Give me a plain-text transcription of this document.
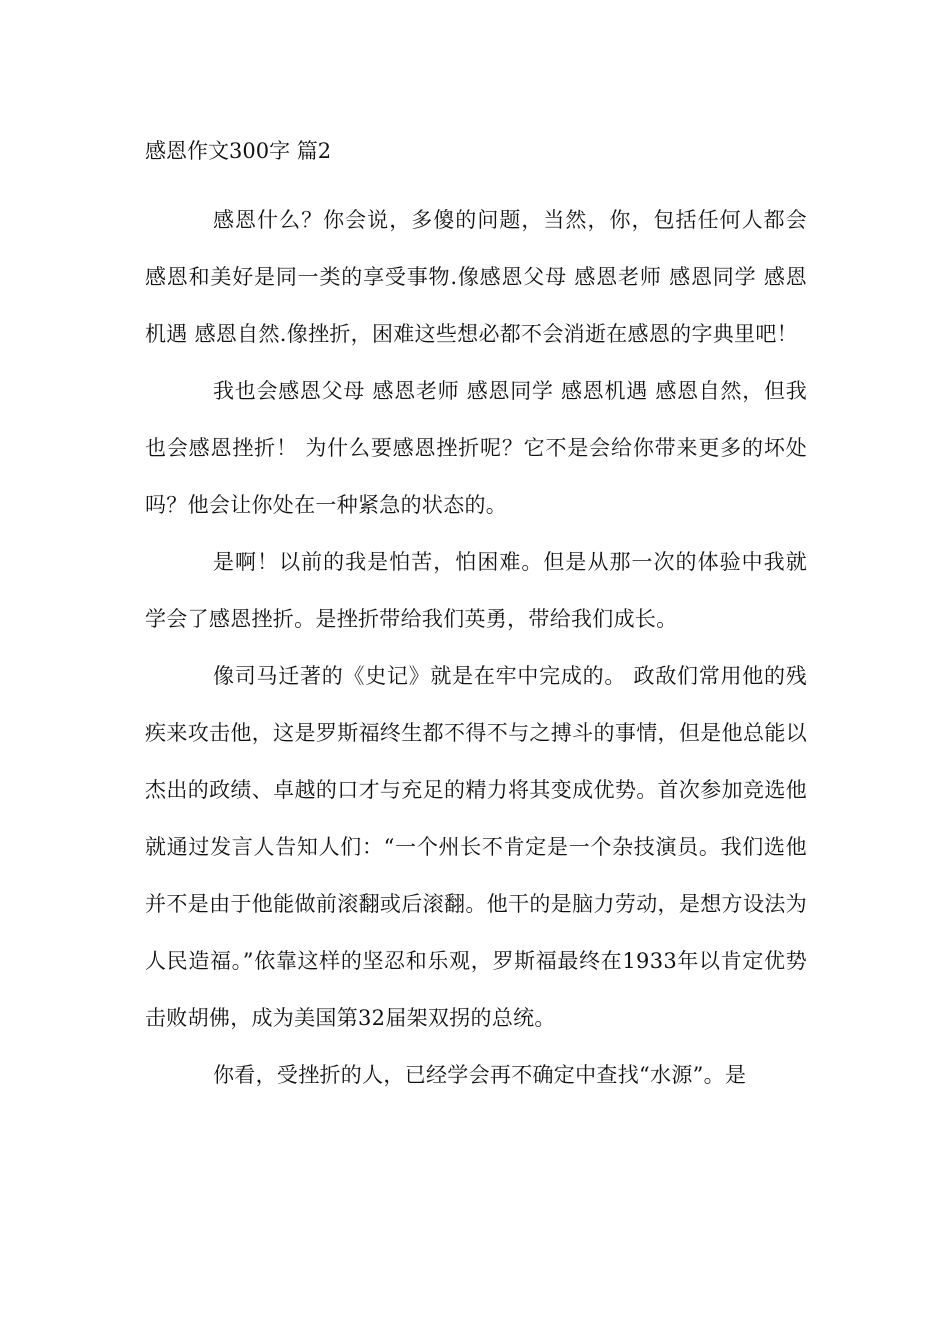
感恩作文300字 篇2

感恩什么？你会说，多傻的问题，当然，你，包括任何人都会感恩和美好是同一类的享受事物.像感恩父母 感恩老师 感恩同学 感恩机遇 感恩自然.像挫折，困难这些想必都不会消逝在感恩的字典里吧！

我也会感恩父母 感恩老师 感恩同学 感恩机遇 感恩自然，但我也会感恩挫折！ 为什么要感恩挫折呢？它不是会给你带来更多的坏处吗？他会让你处在一种紧急的状态的。

是啊！以前的我是怕苦，怕困难。但是从那一次的体验中我就学会了感恩挫折。是挫折带给我们英勇，带给我们成长。

像司马迁著的《史记》就是在牢中完成的。 政敌们常用他的残疾来攻击他，这是罗斯福终生都不得不与之搏斗的事情，但是他总能以杰出的政绩、卓越的口才与充足的精力将其变成优势。首次参加竞选他就通过发言人告知人们：“一个州长不肯定是一个杂技演员。我们选他并不是由于他能做前滚翻或后滚翻。他干的是脑力劳动，是想方设法为人民造福。”依靠这样的坚忍和乐观，罗斯福最终在1933年以肯定优势击败胡佛，成为美国第32届架双拐的总统。

你看，受挫折的人，已经学会再不确定中查找“水源”。是
